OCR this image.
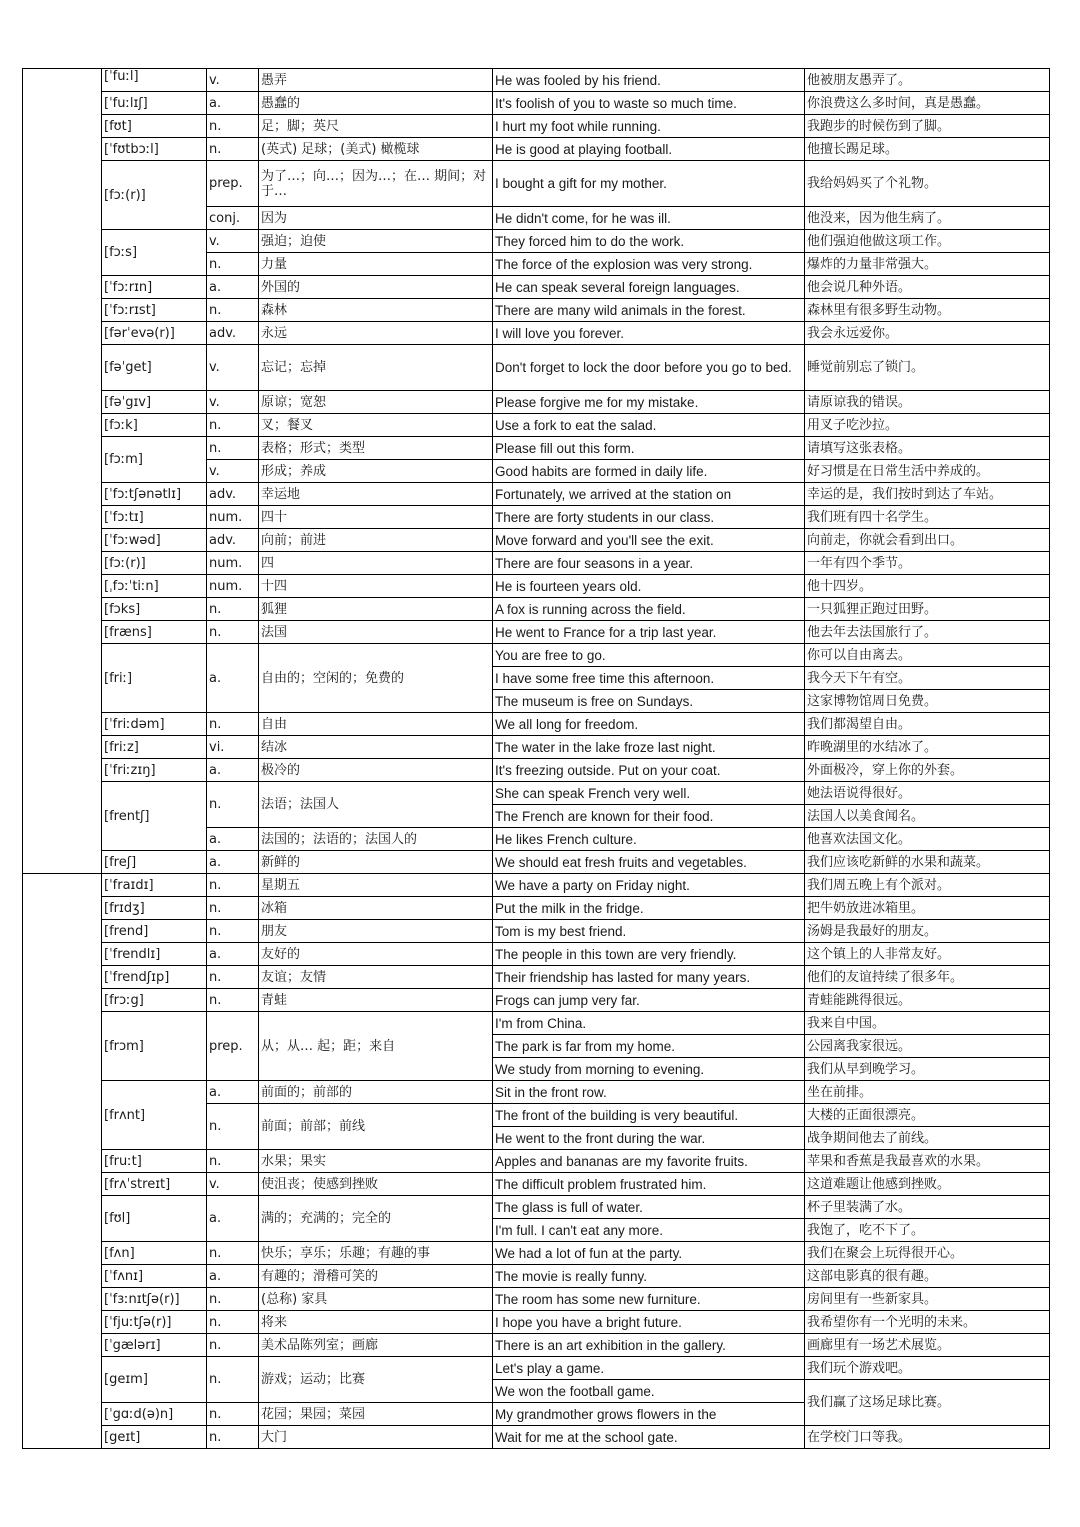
	[ˈfuːl]	v.	愚弄	He was fooled by his friend.	他被朋友愚弄了。
	[ˈfuːlɪʃ]	a.	愚蠢的	It's foolish of you to waste so much time.	你浪费这么多时间，真是愚蠢。
	[fʊt]	n.	足；脚；英尺	I hurt my foot while running.	我跑步的时候伤到了脚。
	[ˈfʊtbɔːl]	n.	(英式) 足球；(美式) 橄榄球	He is good at playing football.	他擅长踢足球。
	[fɔː(r)]	prep.	为了…；向…；因为…；在… 期间；对于…	I bought a gift for my mother.	我给妈妈买了个礼物。
		conj.	因为	He didn't come, for he was ill.	他没来，因为他生病了。
	[fɔːs]	v.	强迫；迫使	They forced him to do the work.	他们强迫他做这项工作。
		n.	力量	The force of the explosion was very strong.	爆炸的力量非常强大。
	[ˈfɔːrɪn]	a.	外国的	He can speak several foreign languages.	他会说几种外语。
	[ˈfɔːrɪst]	n.	森林	There are many wild animals in the forest.	森林里有很多野生动物。
	[fərˈevə(r)]	adv.	永远	I will love you forever.	我会永远爱你。
	[fəˈget]	v.	忘记；忘掉	Don't forget to lock the door before you go to bed.	睡觉前别忘了锁门。
	[fəˈgɪv]	v.	原谅；宽恕	Please forgive me for my mistake.	请原谅我的错误。
	[fɔːk]	n.	叉；餐叉	Use a fork to eat the salad.	用叉子吃沙拉。
	[fɔːm]	n.	表格；形式；类型	Please fill out this form.	请填写这张表格。
		v.	形成；养成	Good habits are formed in daily life.	好习惯是在日常生活中养成的。
	[ˈfɔːtʃənətlɪ]	adv.	幸运地	Fortunately, we arrived at the station on	幸运的是，我们按时到达了车站。
	[ˈfɔːtɪ]	num.	四十	There are forty students in our class.	我们班有四十名学生。
	[ˈfɔːwəd]	adv.	向前；前进	Move forward and you'll see the exit.	向前走，你就会看到出口。
	[fɔː(r)]	num.	四	There are four seasons in a year.	一年有四个季节。
	[ˌfɔːˈtiːn]	num.	十四	He is fourteen years old.	他十四岁。
	[fɔks]	n.	狐狸	A fox is running across the field.	一只狐狸正跑过田野。
	[fræns]	n.	法国	He went to France for a trip last year.	他去年去法国旅行了。
	[friː]	a.	自由的；空闲的；免费的	You are free to go.	你可以自由离去。
				I have some free time this afternoon.	我今天下午有空。
				The museum is free on Sundays.	这家博物馆周日免费。
	[ˈfriːdəm]	n.	自由	We all long for freedom.	我们都渴望自由。
	[friːz]	vi.	结冰	The water in the lake froze last night.	昨晚湖里的水结冰了。
	[ˈfriːzɪŋ]	a.	极冷的	It's freezing outside. Put on your coat.	外面极冷，穿上你的外套。
	[frentʃ]	n.	法语；法国人	She can speak French very well.	她法语说得很好。
				The French are known for their food.	法国人以美食闻名。
		a.	法国的；法语的；法国人的	He likes French culture.	他喜欢法国文化。
	[freʃ]	a.	新鲜的	We should eat fresh fruits and vegetables.	我们应该吃新鲜的水果和蔬菜。
	[ˈfraɪdɪ]	n.	星期五	We have a party on Friday night.	我们周五晚上有个派对。
	[frɪdʒ]	n.	冰箱	Put the milk in the fridge.	把牛奶放进冰箱里。
	[frend]	n.	朋友	Tom is my best friend.	汤姆是我最好的朋友。
	[ˈfrendlɪ]	a.	友好的	The people in this town are very friendly.	这个镇上的人非常友好。
	[ˈfrendʃɪp]	n.	友谊；友情	Their friendship has lasted for many years.	他们的友谊持续了很多年。
	[frɔːg]	n.	青蛙	Frogs can jump very far.	青蛙能跳得很远。
	[frɔm]	prep.	从；从… 起；距；来自	I'm from China.	我来自中国。
				The park is far from my home.	公园离我家很远。
				We study from morning to evening.	我们从早到晚学习。
	[frʌnt]	a.	前面的；前部的	Sit in the front row.	坐在前排。
		n.	前面；前部；前线	The front of the building is very beautiful.	大楼的正面很漂亮。
				He went to the front during the war.	战争期间他去了前线。
	[fruːt]	n.	水果；果实	Apples and bananas are my favorite fruits.	苹果和香蕉是我最喜欢的水果。
	[frʌˈstreɪt]	v.	使沮丧；使感到挫败	The difficult problem frustrated him.	这道难题让他感到挫败。
	[fʊl]	a.	满的；充满的；完全的	The glass is full of water.	杯子里装满了水。
				I'm full. I can't eat any more.	我饱了，吃不下了。
	[fʌn]	n.	快乐；享乐；乐趣；有趣的事	We had a lot of fun at the party.	我们在聚会上玩得很开心。
	[ˈfʌnɪ]	a.	有趣的；滑稽可笑的	The movie is really funny.	这部电影真的很有趣。
	[ˈfɜːnɪtʃə(r)]	n.	(总称) 家具	The room has some new furniture.	房间里有一些新家具。
	[ˈfjuːtʃə(r)]	n.	将来	I hope you have a bright future.	我希望你有一个光明的未来。
	[ˈgælərɪ]	n.	美术品陈列室；画廊	There is an art exhibition in the gallery.	画廊里有一场艺术展览。
	[geɪm]	n.	游戏；运动；比赛	Let's play a game.	我们玩个游戏吧。
				We won the football game.	我们赢了这场足球比赛。
	[ˈgɑːd(ə)n]	n.	花园；果园；菜园	My grandmother grows flowers in the	
	[geɪt]	n.	大门	Wait for me at the school gate.	在学校门口等我。
